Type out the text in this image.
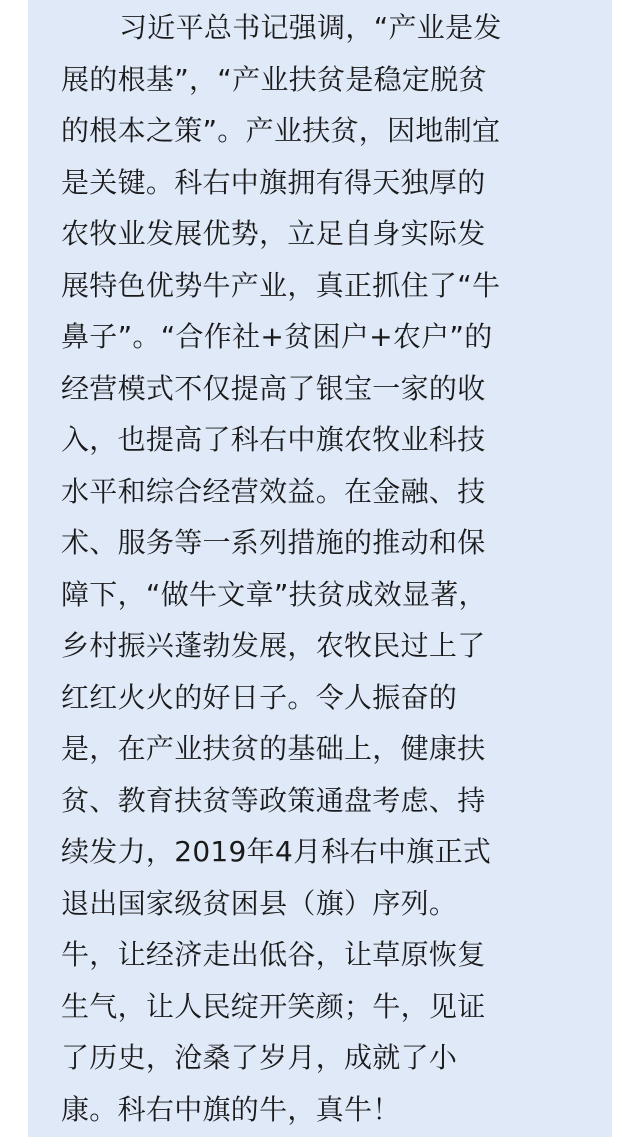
习近平总书记强调，“产业是发
展的根基”，“产业扶贫是稳定脱贫
的根本之策”。产业扶贫，因地制宜
是关键。科右中旗拥有得天独厚的
农牧业发展优势，立足自身实际发
展特色优势牛产业，真正抓住了“牛
鼻子”。“合作社+贫困户+农户”的
经营模式不仅提高了银宝一家的收
入，也提高了科右中旗农牧业科技
水平和综合经营效益。在金融、技
术、服务等一系列措施的推动和保
障下，“做牛文章”扶贫成效显著，
乡村振兴蓬勃发展，农牧民过上了
红红火火的好日子。令人振奋的
是，在产业扶贫的基础上，健康扶
贫、教育扶贫等政策通盘考虑、持
续发力，2019年4月科右中旗正式
退出国家级贫困县（旗）序列。
牛，让经济走出低谷，让草原恢复
生气，让人民绽开笑颜；牛，见证
了历史，沧桑了岁月，成就了小
康。科右中旗的牛，真牛！
